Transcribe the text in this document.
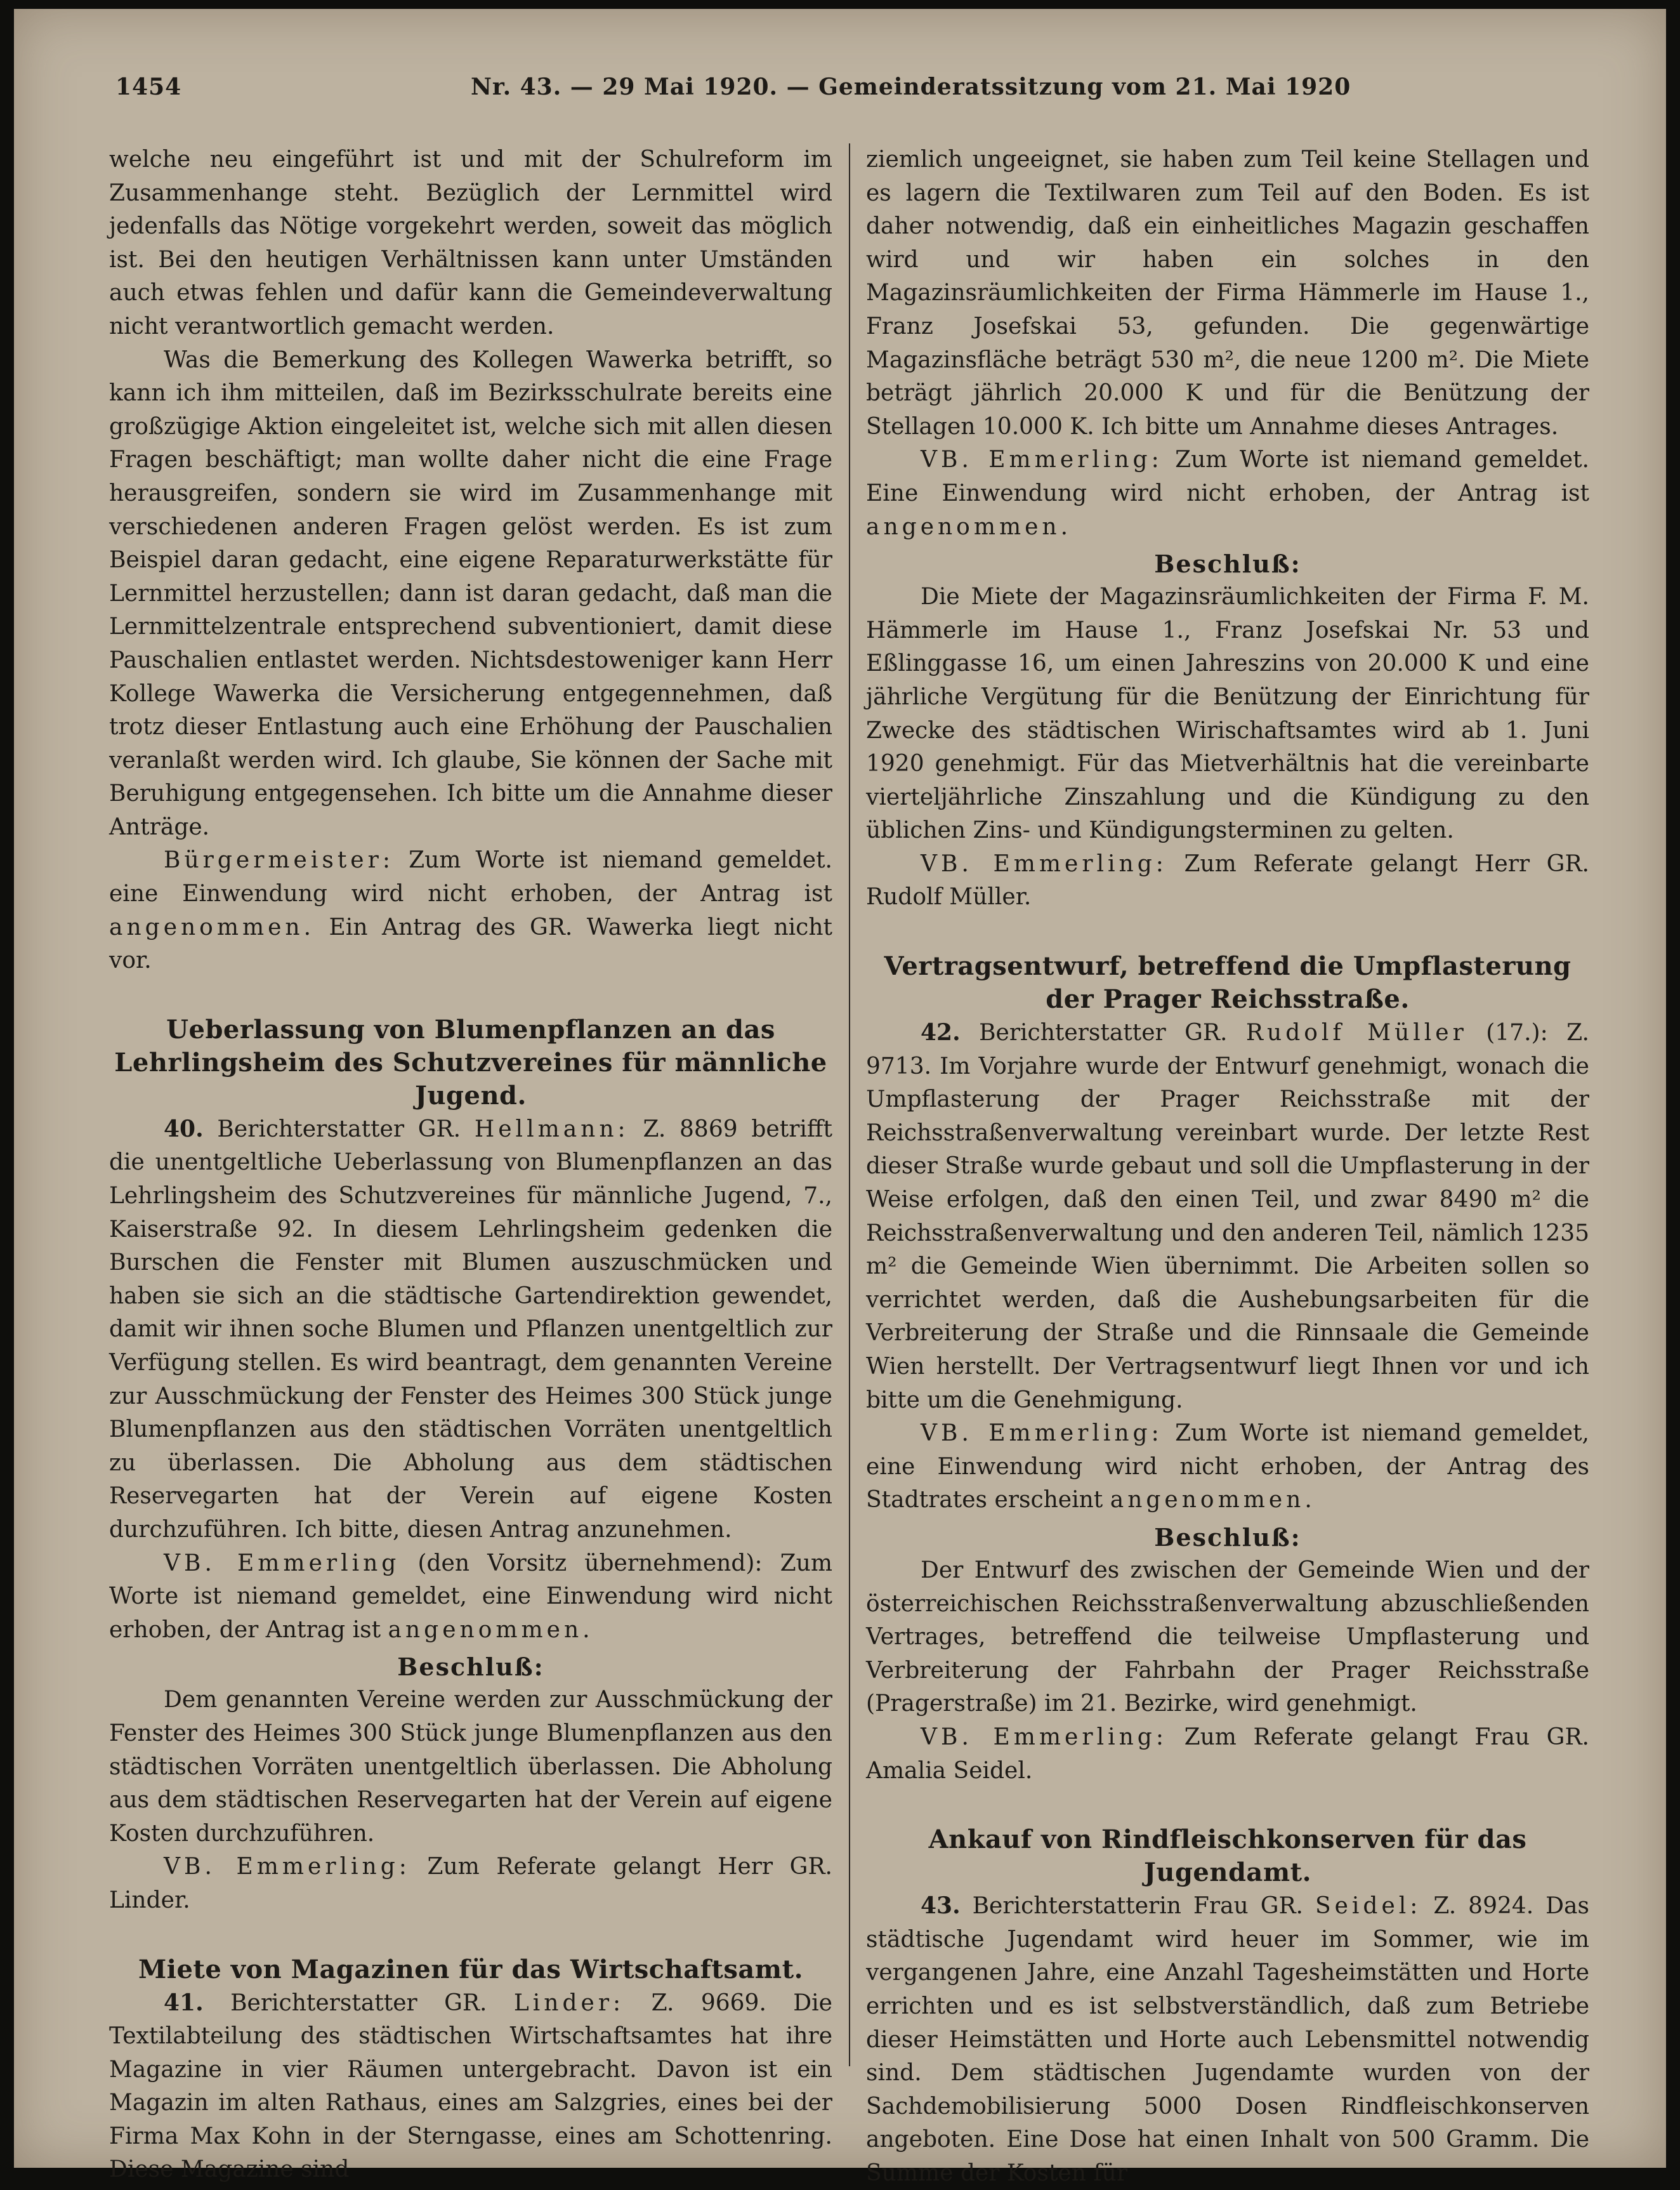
1454	Nr. 43. — 29 Mai 1920. — Gemeinderatssitzung vom 21. Mai 1920

welche neu eingeführt ist und mit der Schulreform im Zusammenhange steht. Bezüglich der Lernmittel wird jedenfalls das Nötige vorgekehrt werden, soweit das möglich ist. Bei den heutigen Verhältnissen kann unter Umständen auch etwas fehlen und dafür kann die Gemeindeverwaltung nicht verantwortlich gemacht werden.

Was die Bemerkung des Kollegen Wawerka betrifft, so kann ich ihm mitteilen, daß im Bezirksschulrate bereits eine großzügige Aktion eingeleitet ist, welche sich mit allen diesen Fragen beschäftigt; man wollte daher nicht die eine Frage herausgreifen, sondern sie wird im Zusammenhange mit verschiedenen anderen Fragen gelöst werden. Es ist zum Beispiel daran gedacht, eine eigene Reparaturwerkstätte für Lernmittel herzustellen; dann ist daran gedacht, daß man die Lernmittelzentrale entsprechend subventioniert, damit diese Pauschalien entlastet werden. Nichtsdestoweniger kann Herr Kollege Wawerka die Versicherung entgegennehmen, daß trotz dieser Entlastung auch eine Erhöhung der Pauschalien veranlaßt werden wird. Ich glaube, Sie können der Sache mit Beruhigung entgegensehen. Ich bitte um die Annahme dieser Anträge.

Bürgermeister: Zum Worte ist niemand gemeldet. eine Einwendung wird nicht erhoben, der Antrag ist angenommen. Ein Antrag des GR. Wawerka liegt nicht vor.

Ueberlassung von Blumenpflanzen an das Lehrlingsheim des Schutzvereines für männliche Jugend.

40. Berichterstatter GR. Hellmann: Z. 8869 betrifft die unentgeltliche Ueberlassung von Blumenpflanzen an das Lehrlingsheim des Schutzvereines für männliche Jugend, 7., Kaiserstraße 92. In diesem Lehrlingsheim gedenken die Burschen die Fenster mit Blumen auszuschmücken und haben sie sich an die städtische Gartendirektion gewendet, damit wir ihnen soche Blumen und Pflanzen unentgeltlich zur Verfügung stellen. Es wird beantragt, dem genannten Vereine zur Ausschmückung der Fenster des Heimes 300 Stück junge Blumenpflanzen aus den städtischen Vorräten unentgeltlich zu überlassen. Die Abholung aus dem städtischen Reservegarten hat der Verein auf eigene Kosten durchzuführen. Ich bitte, diesen Antrag anzunehmen.

VB. Emmerling (den Vorsitz übernehmend): Zum Worte ist niemand gemeldet, eine Einwendung wird nicht erhoben, der Antrag ist angenommen.

Beschluß:

Dem genannten Vereine werden zur Ausschmückung der Fenster des Heimes 300 Stück junge Blumenpflanzen aus den städtischen Vorräten unentgeltlich überlassen. Die Abholung aus dem städtischen Reservegarten hat der Verein auf eigene Kosten durchzuführen.

VB. Emmerling: Zum Referate gelangt Herr GR. Linder.

Miete von Magazinen für das Wirtschaftsamt.

41. Berichterstatter GR. Linder: Z. 9669. Die Textilabteilung des städtischen Wirtschaftsamtes hat ihre Magazine in vier Räumen untergebracht. Davon ist ein Magazin im alten Rathaus, eines am Salzgries, eines bei der Firma Max Kohn in der Sterngasse, eines am Schottenring. Diese Magazine sind

ziemlich ungeeignet, sie haben zum Teil keine Stellagen und es lagern die Textilwaren zum Teil auf den Boden. Es ist daher notwendig, daß ein einheitliches Magazin geschaffen wird und wir haben ein solches in den Magazinsräumlichkeiten der Firma Hämmerle im Hause 1., Franz Josefskai 53, gefunden. Die gegenwärtige Magazinsfläche beträgt 530 m², die neue 1200 m². Die Miete beträgt jährlich 20.000 K und für die Benützung der Stellagen 10.000 K. Ich bitte um Annahme dieses Antrages.

VB. Emmerling: Zum Worte ist niemand gemeldet. Eine Einwendung wird nicht erhoben, der Antrag ist angenommen.

Beschluß:

Die Miete der Magazinsräumlichkeiten der Firma F. M. Hämmerle im Hause 1., Franz Josefskai Nr. 53 und Eßlinggasse 16, um einen Jahreszins von 20.000 K und eine jährliche Vergütung für die Benützung der Einrichtung für Zwecke des städtischen Wirischaftsamtes wird ab 1. Juni 1920 genehmigt. Für das Mietverhältnis hat die vereinbarte vierteljährliche Zinszahlung und die Kündigung zu den üblichen Zins- und Kündigungsterminen zu gelten.

VB. Emmerling: Zum Referate gelangt Herr GR. Rudolf Müller.

Vertragsentwurf, betreffend die Umpflasterung der Prager Reichsstraße.

42. Berichterstatter GR. Rudolf Müller (17.): Z. 9713. Im Vorjahre wurde der Entwurf genehmigt, wonach die Umpflasterung der Prager Reichsstraße mit der Reichsstraßenverwaltung vereinbart wurde. Der letzte Rest dieser Straße wurde gebaut und soll die Umpflasterung in der Weise erfolgen, daß den einen Teil, und zwar 8490 m² die Reichsstraßenverwaltung und den anderen Teil, nämlich 1235 m² die Gemeinde Wien übernimmt. Die Arbeiten sollen so verrichtet werden, daß die Aushebungsarbeiten für die Verbreiterung der Straße und die Rinnsaale die Gemeinde Wien herstellt. Der Vertragsentwurf liegt Ihnen vor und ich bitte um die Genehmigung.

VB. Emmerling: Zum Worte ist niemand gemeldet, eine Einwendung wird nicht erhoben, der Antrag des Stadtrates erscheint angenommen.

Beschluß:

Der Entwurf des zwischen der Gemeinde Wien und der österreichischen Reichsstraßenverwaltung abzuschließenden Vertrages, betreffend die teilweise Umpflasterung und Verbreiterung der Fahrbahn der Prager Reichsstraße (Pragerstraße) im 21. Bezirke, wird genehmigt.

VB. Emmerling: Zum Referate gelangt Frau GR. Amalia Seidel.

Ankauf von Rindfleischkonserven für das Jugendamt.

43. Berichterstatterin Frau GR. Seidel: Z. 8924. Das städtische Jugendamt wird heuer im Sommer, wie im vergangenen Jahre, eine Anzahl Tagesheimstätten und Horte errichten und es ist selbstverständlich, daß zum Betriebe dieser Heimstätten und Horte auch Lebensmittel notwendig sind. Dem städtischen Jugendamte wurden von der Sachdemobilisierung 5000 Dosen Rindfleischkonserven angeboten. Eine Dose hat einen Inhalt von 500 Gramm. Die Summe der Kosten für
